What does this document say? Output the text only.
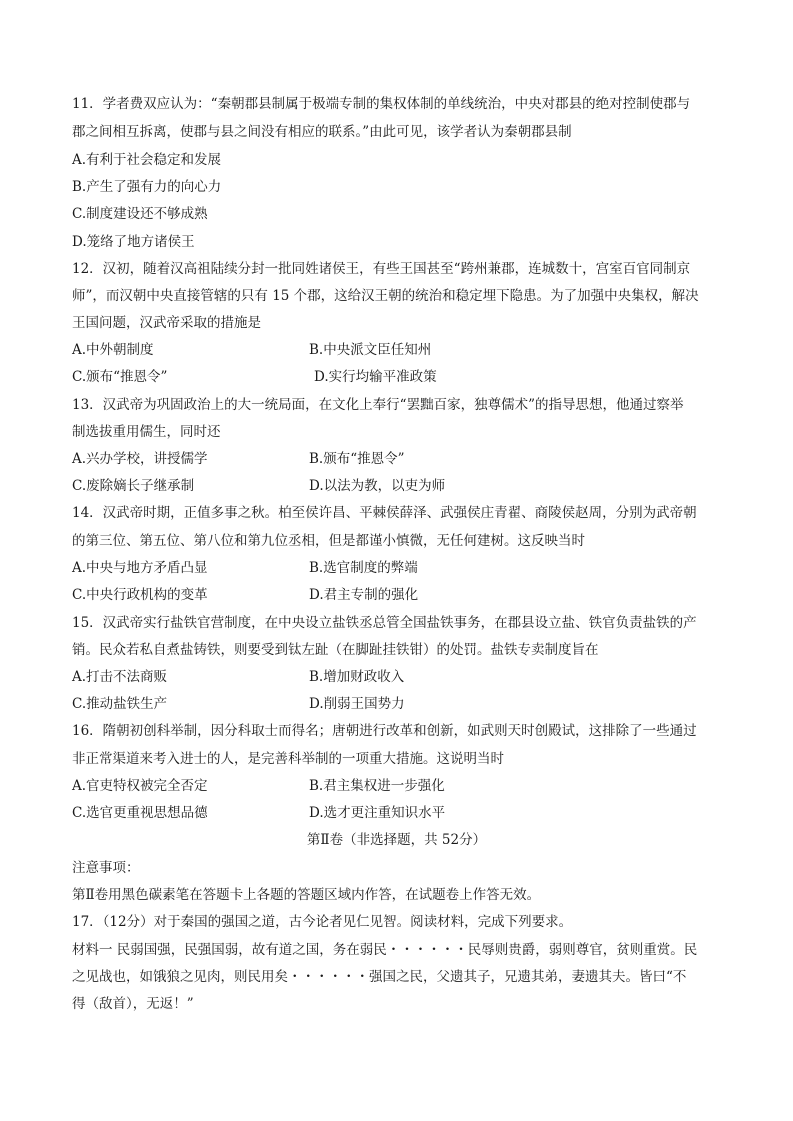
11．学者费双应认为：“秦朝郡县制属于极端专制的集权体制的单线统治，中央对郡县的绝对控制使郡与
郡之间相互拆离，使郡与县之间没有相应的联系。”由此可见，该学者认为秦朝郡县制
A.有利于社会稳定和发展
B.产生了强有力的向心力
C.制度建设还不够成熟
D.笼络了地方诸侯王
12．汉初，随着汉高祖陆续分封一批同姓诸侯王，有些王国甚至“跨州兼郡，连城数十，宫室百官同制京
师”，而汉朝中央直接管辖的只有 15 个郡，这给汉王朝的统治和稳定埋下隐患。为了加强中央集权，解决
王国问题，汉武帝采取的措施是
A.中外朝制度	B.中央派文臣任知州
C.颁布“推恩令”	D.实行均输平准政策
13．汉武帝为巩固政治上的大一统局面，在文化上奉行“罢黜百家，独尊儒术”的指导思想，他通过察举
制选拔重用儒生，同时还
A.兴办学校，讲授儒学	B.颁布“推恩令”
C.废除嫡长子继承制	D.以法为教，以吏为师
14．汉武帝时期，正值多事之秋。柏至侯许昌、平棘侯薛泽、武强侯庄青翟、商陵侯赵周，分别为武帝朝
的第三位、第五位、第八位和第九位丞相，但是都谨小慎微，无任何建树。这反映当时
A.中央与地方矛盾凸显	B.选官制度的弊端
C.中央行政机构的变革	D.君主专制的强化
15．汉武帝实行盐铁官营制度，在中央设立盐铁丞总管全国盐铁事务，在郡县设立盐、铁官负责盐铁的产
销。民众若私自煮盐铸铁，则要受到钛左趾（在脚趾挂铁钳）的处罚。盐铁专卖制度旨在
A.打击不法商贩	B.增加财政收入
C.推动盐铁生产	D.削弱王国势力
16．隋朝初创科举制，因分科取士而得名；唐朝进行改革和创新，如武则天时创殿试，这排除了一些通过
非正常渠道来考入进士的人，是完善科举制的一项重大措施。这说明当时
A.官吏特权被完全否定	B.君主集权进一步强化
C.选官更重视思想品德	D.选才更注重知识水平
第Ⅱ卷（非选择题，共 52分）
注意事项：
第Ⅱ卷用黑色碳素笔在答题卡上各题的答题区域内作答，在试题卷上作答无效。
17．（12分）对于秦国的强国之道，古今论者见仁见智。阅读材料，完成下列要求。
材料一 民弱国强，民强国弱，故有道之国，务在弱民・・・・・・民辱则贵爵，弱则尊官，贫则重赏。民
之见战也，如饿狼之见肉，则民用矣・・・・・・强国之民，父遗其子，兄遗其弟，妻遗其夫。皆曰“不
得（敌首），无返！”
